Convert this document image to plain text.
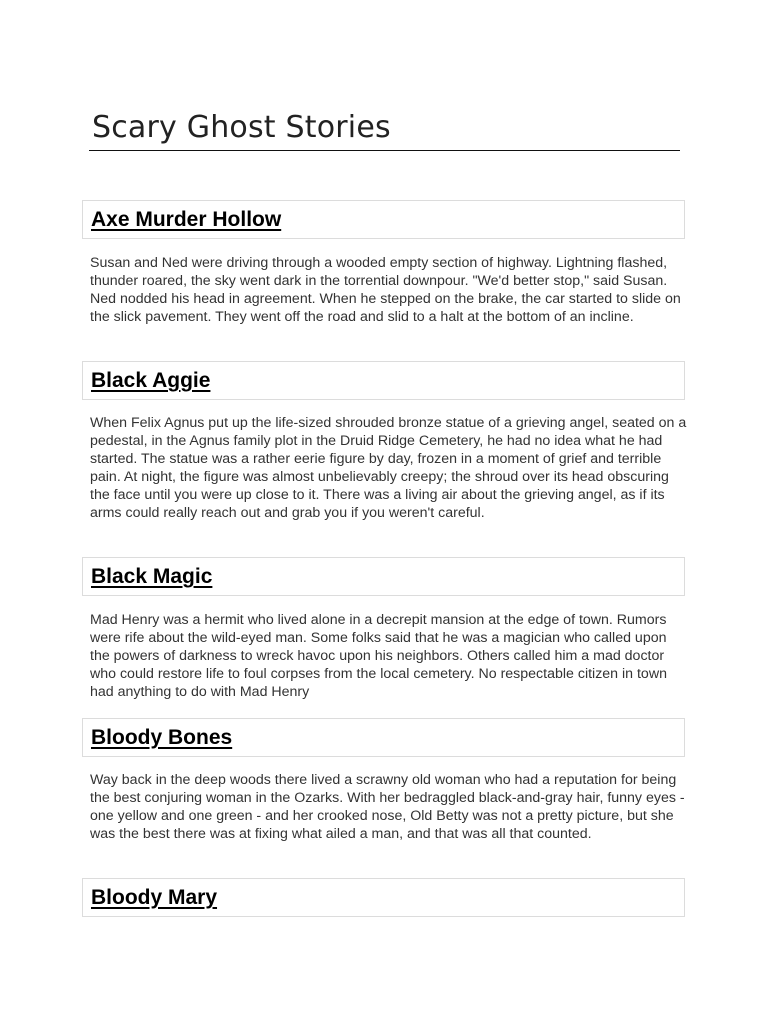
Scary Ghost Stories
Axe Murder Hollow

Susan and Ned were driving through a wooded empty section of highway. Lightning flashed, thunder roared, the sky went dark in the torrential downpour. "We'd better stop," said Susan. Ned nodded his head in agreement. When he stepped on the brake, the car started to slide on the slick pavement. They went off the road and slid to a halt at the bottom of an incline.

Black Aggie

When Felix Agnus put up the life-sized shrouded bronze statue of a grieving angel, seated on a pedestal, in the Agnus family plot in the Druid Ridge Cemetery, he had no idea what he had started. The statue was a rather eerie figure by day, frozen in a moment of grief and terrible pain. At night, the figure was almost unbelievably creepy; the shroud over its head obscuring the face until you were up close to it. There was a living air about the grieving angel, as if its arms could really reach out and grab you if you weren't careful.

Black Magic

Mad Henry was a hermit who lived alone in a decrepit mansion at the edge of town. Rumors were rife about the wild-eyed man. Some folks said that he was a magician who called upon the powers of darkness to wreck havoc upon his neighbors. Others called him a mad doctor who could restore life to foul corpses from the local cemetery. No respectable citizen in town had anything to do with Mad Henry

Bloody Bones

Way back in the deep woods there lived a scrawny old woman who had a reputation for being the best conjuring woman in the Ozarks. With her bedraggled black-and-gray hair, funny eyes - one yellow and one green - and her crooked nose, Old Betty was not a pretty picture, but she was the best there was at fixing what ailed a man, and that was all that counted.

Bloody Mary
